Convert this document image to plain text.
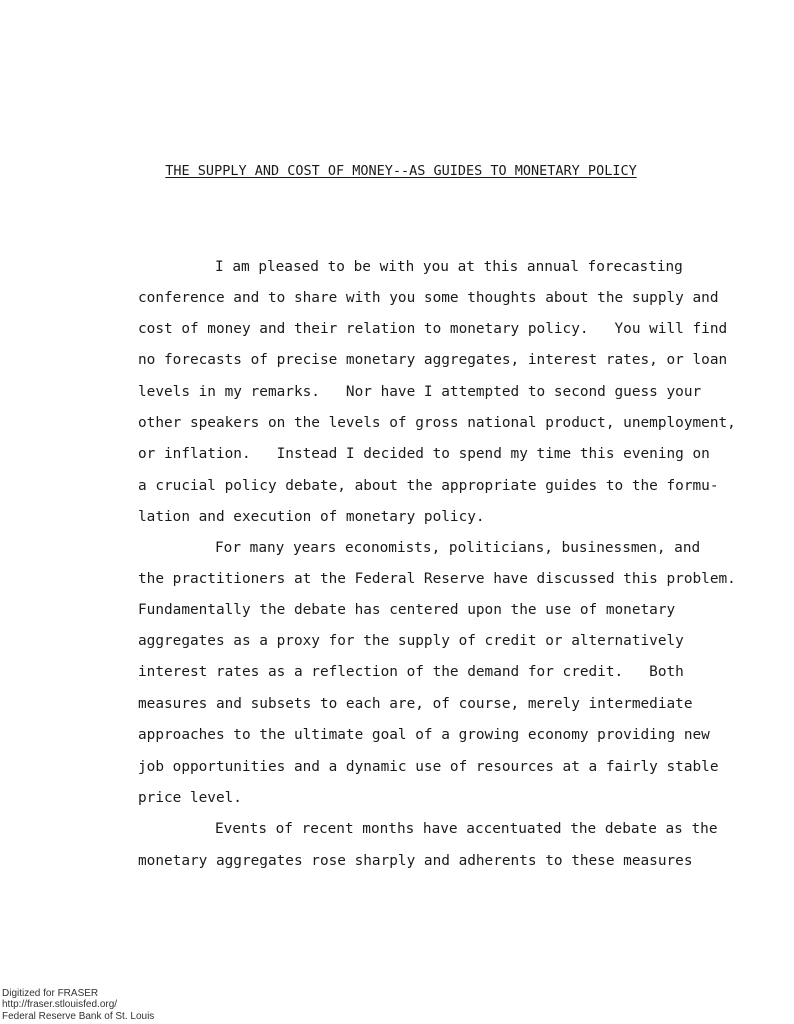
THE SUPPLY AND COST OF MONEY--AS GUIDES TO MONETARY POLICY
I am pleased to be with you at this annual forecasting
conference and to share with you some thoughts about the supply and
cost of money and their relation to monetary policy.   You will find
no forecasts of precise monetary aggregates, interest rates, or loan
levels in my remarks.   Nor have I attempted to second guess your
other speakers on the levels of gross national product, unemployment,
or inflation.   Instead I decided to spend my time this evening on
a crucial policy debate, about the appropriate guides to the formu-
lation and execution of monetary policy.
For many years economists, politicians, businessmen, and
the practitioners at the Federal Reserve have discussed this problem.
Fundamentally the debate has centered upon the use of monetary
aggregates as a proxy for the supply of credit or alternatively
interest rates as a reflection of the demand for credit.   Both
measures and subsets to each are, of course, merely intermediate
approaches to the ultimate goal of a growing economy providing new
job opportunities and a dynamic use of resources at a fairly stable
price level.
Events of recent months have accentuated the debate as the
monetary aggregates rose sharply and adherents to these measures
Digitized for FRASER
http://fraser.stlouisfed.org/
Federal Reserve Bank of St. Louis
